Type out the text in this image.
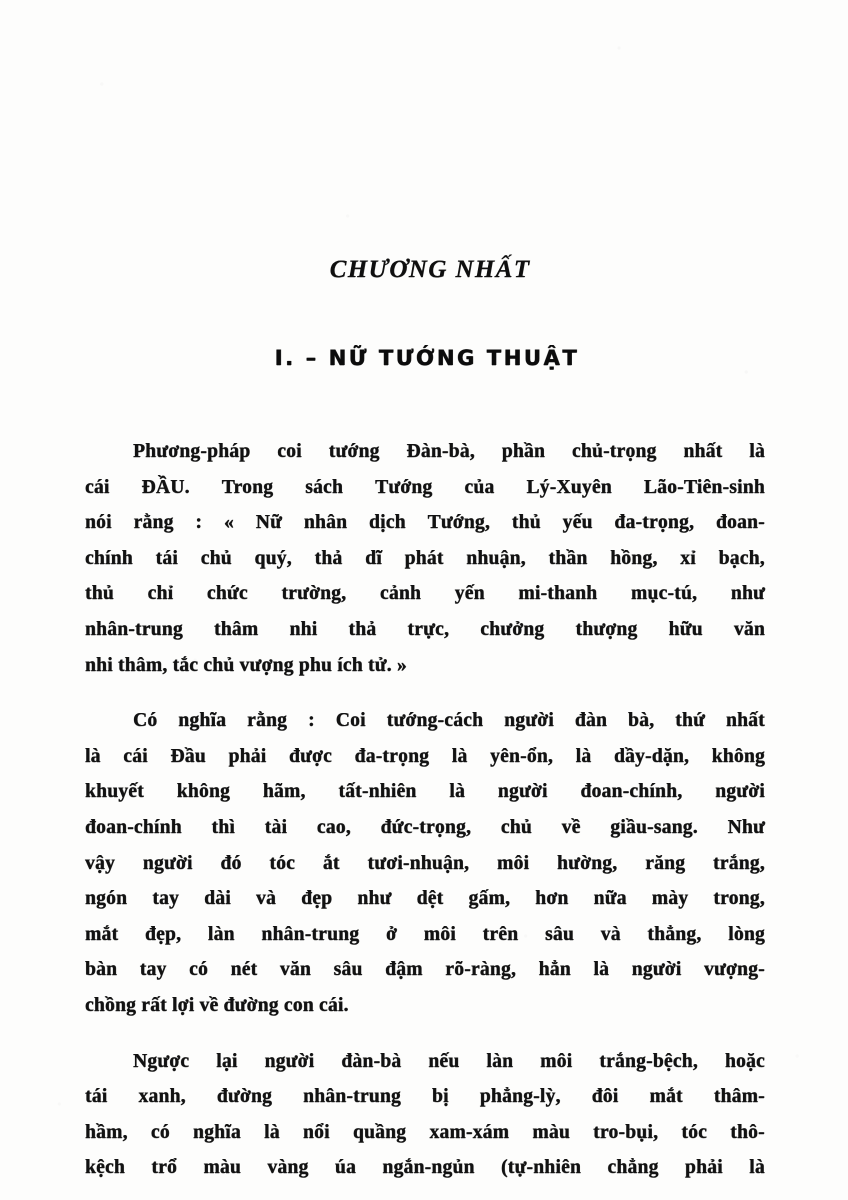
CHƯƠNG NHẤT
I. – NỮ TƯỚNG THUẬT

Phương-pháp coi tướng Đàn-bà, phần chủ-trọng nhất là
cái ĐẦU. Trong sách Tướng của Lý-Xuyên Lão-Tiên-sinh
nói rằng : « Nữ nhân dịch Tướng, thủ yếu đa-trọng, đoan-
chính tái chủ quý, thả dĩ phát nhuận, thần hồng, xỉ bạch,
thủ chỉ chức trường, cảnh yến mi-thanh mục-tú, như
nhân-trung thâm nhi thả trực, chưởng thượng hữu văn
nhi thâm, tắc chủ vượng phu ích tử. »

Có nghĩa rằng : Coi tướng-cách người đàn bà, thứ nhất
là cái Đầu phải được đa-trọng là yên-ổn, là dầy-dặn, không
khuyết không hãm, tất-nhiên là người đoan-chính, người
đoan-chính thì tài cao, đức-trọng, chủ về giầu-sang. Như
vậy người đó tóc ắt tươi-nhuận, môi hường, răng trắng,
ngón tay dài và đẹp như dệt gấm, hơn nữa mày trong,
mắt đẹp, làn nhân-trung ở môi trên sâu và thẳng, lòng
bàn tay có nét văn sâu đậm rõ-ràng, hẳn là người vượng-
chồng rất lợi về đường con cái.

Ngược lại người đàn-bà nếu làn môi trắng-bệch, hoặc
tái xanh, đường nhân-trung bị phẳng-lỳ, đôi mắt thâm-
hầm, có nghĩa là nổi quầng xam-xám màu tro-bụi, tóc thô-
kệch trổ màu vàng úa ngắn-ngủn (tự-nhiên chẳng phải là
